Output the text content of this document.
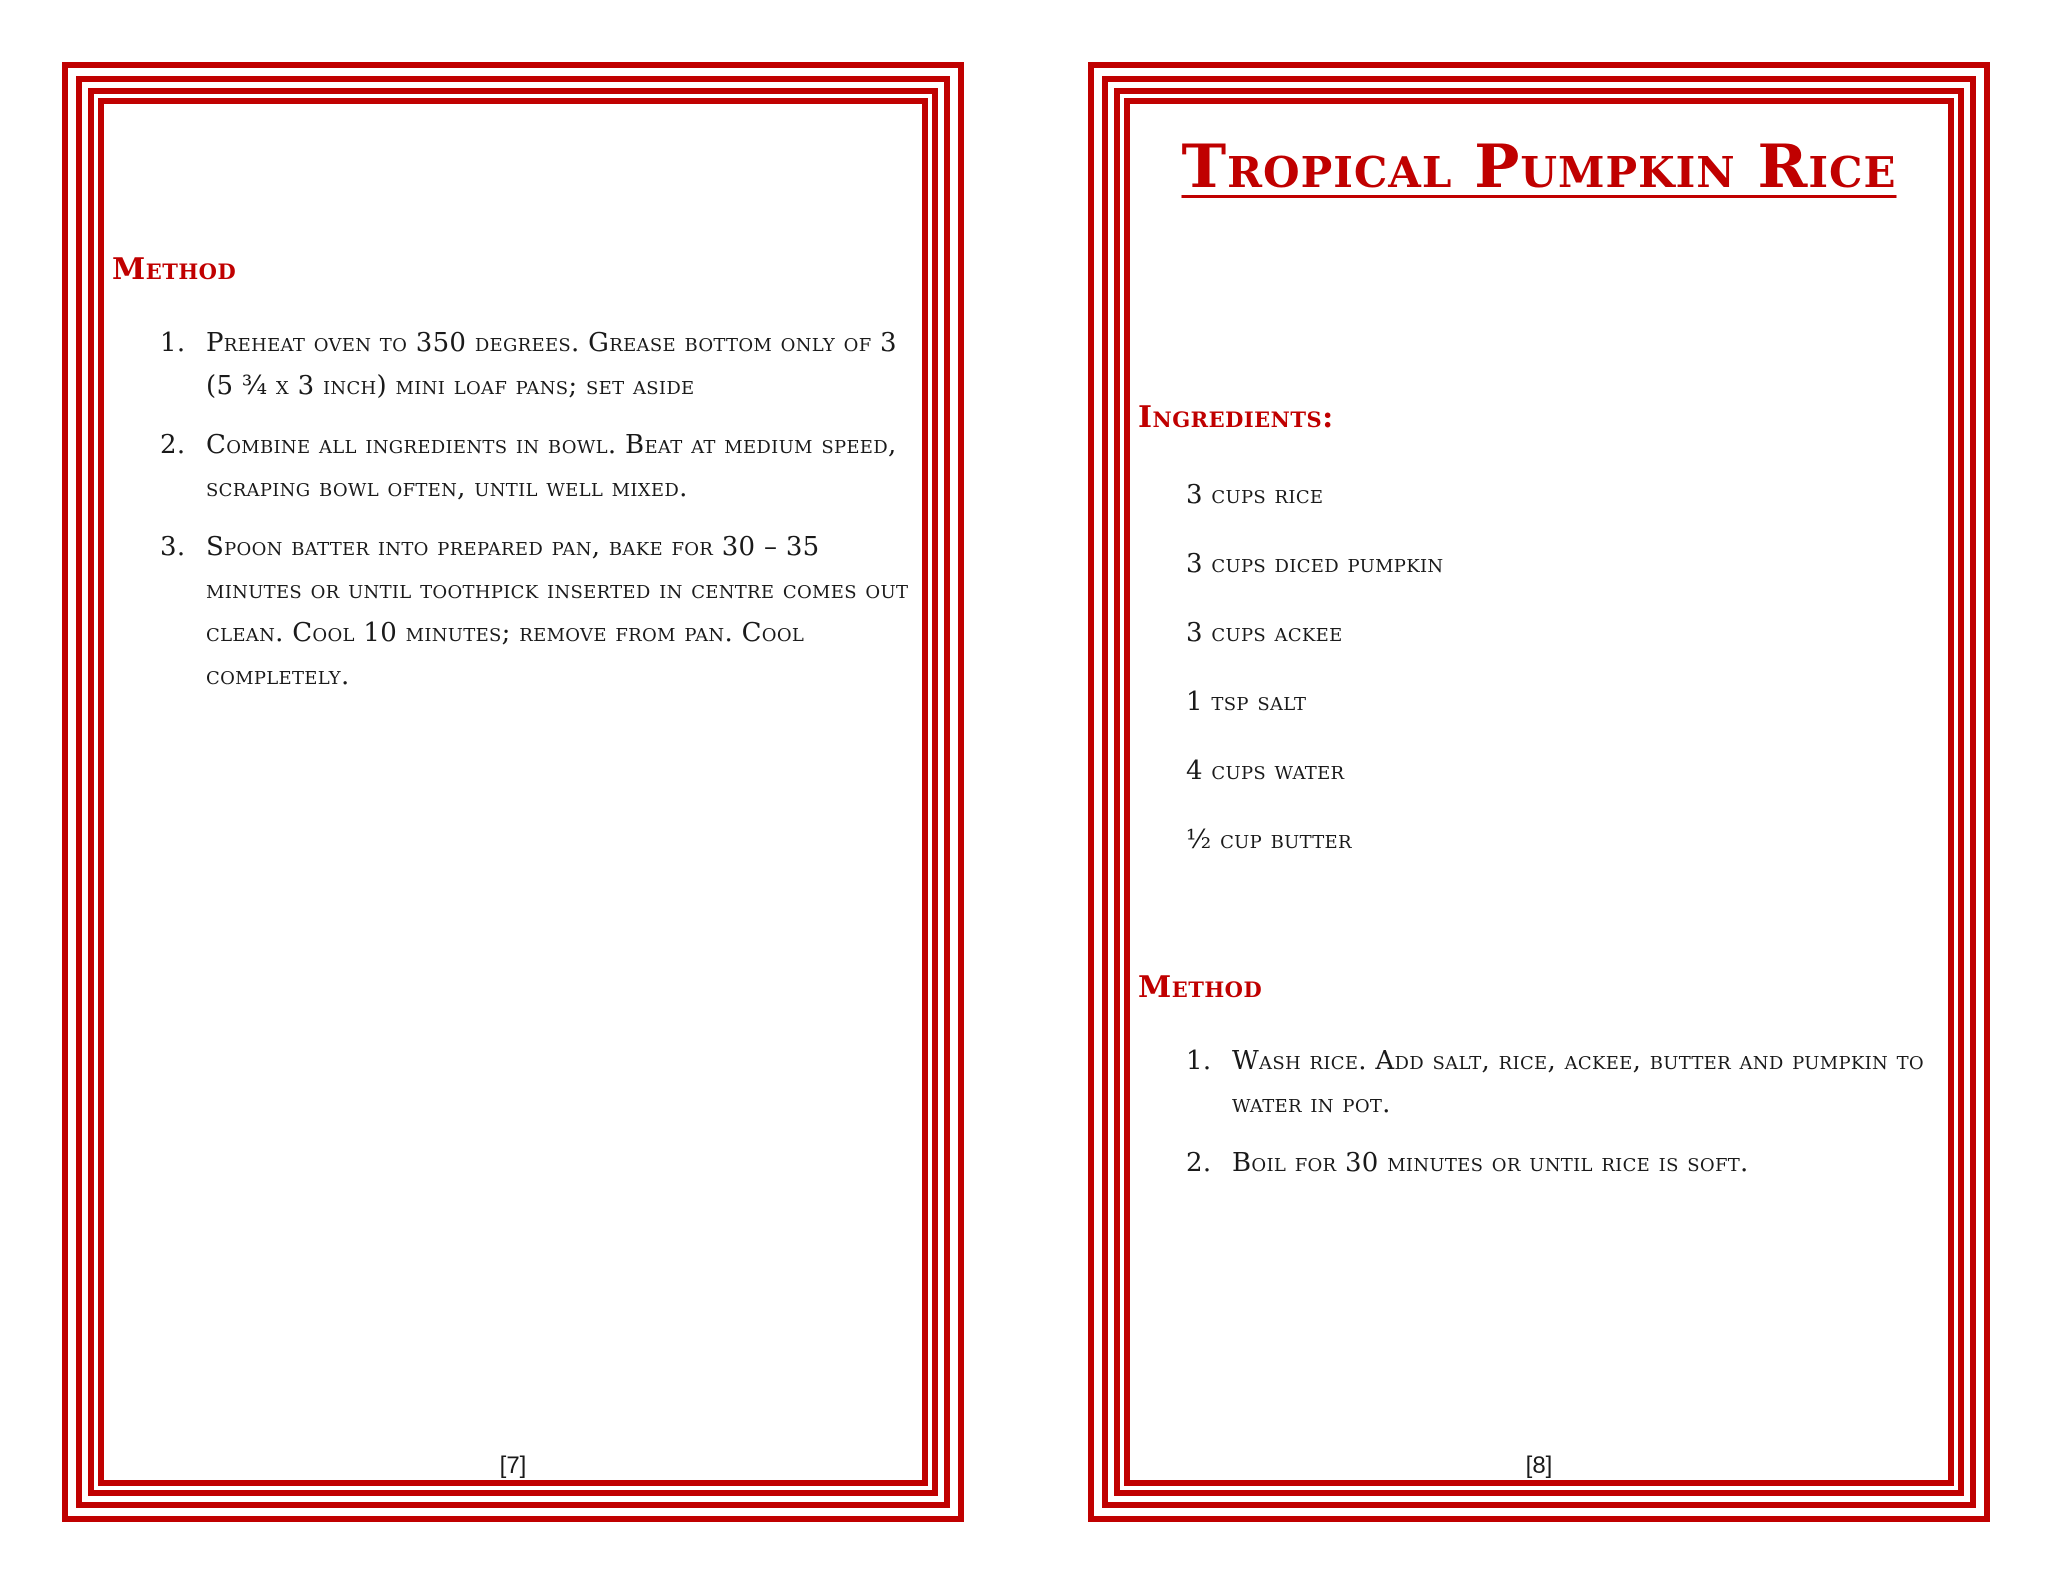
Method
1. Preheat oven to 350 degrees. Grease bottom only of 3 (5 ¾ x 3 inch) mini loaf pans; set aside
2. Combine all ingredients in bowl. Beat at medium speed, scraping bowl often, until well mixed.
3. Spoon batter into prepared pan, bake for 30 – 35 minutes or until toothpick inserted in centre comes out clean. Cool 10 minutes; remove from pan. Cool completely.
[7]
Tropical Pumpkin Rice
Ingredients:
3 cups rice
3 cups diced pumpkin
3 cups ackee
1 tsp salt
4 cups water
½ cup butter
Method
1. Wash rice. Add salt, rice, ackee, butter and pumpkin to water in pot.
2. Boil for 30 minutes or until rice is soft.
[8]
